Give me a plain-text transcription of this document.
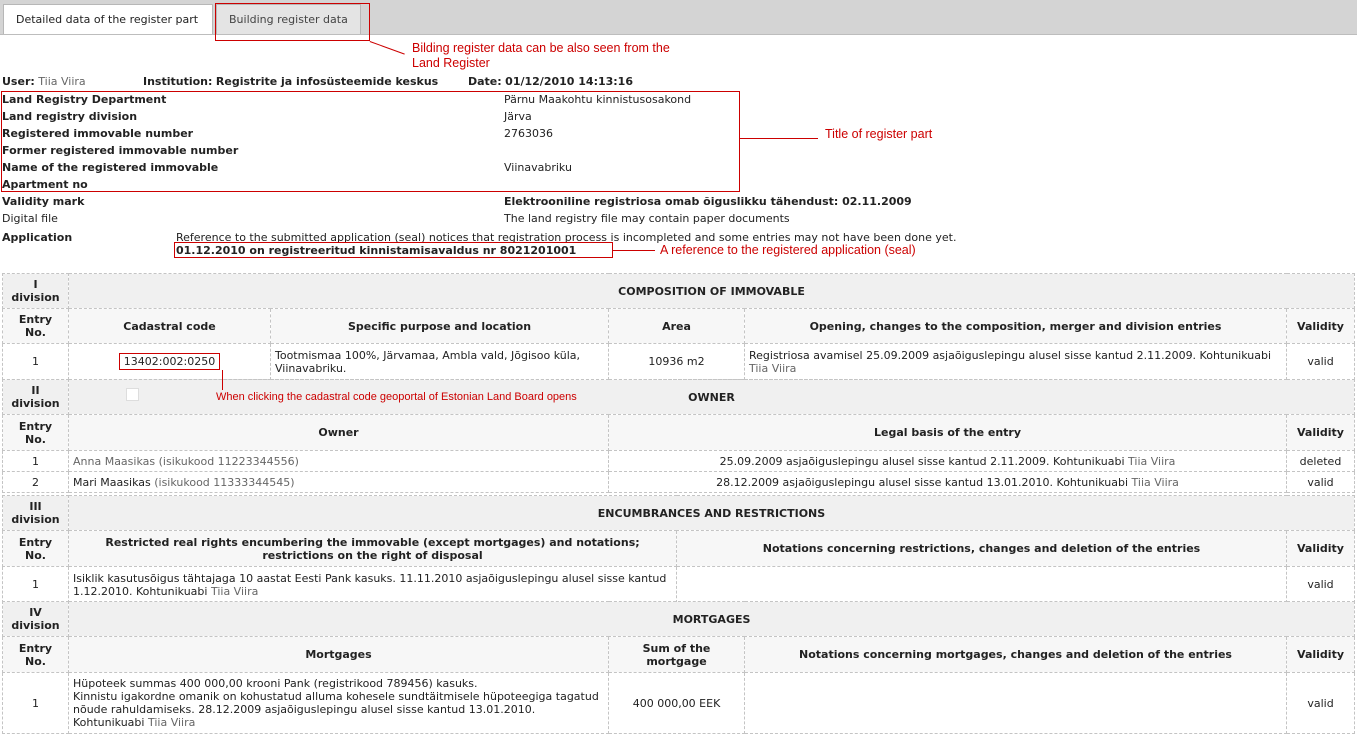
Detailed data of the register part	Building register data
Bilding register data can be also seen from the
Land Register
User: Tiia Viira	Institution: Registrite ja infosüsteemide keskus	Date: 01/12/2010 14:13:16
Title of register part
Land Registry Department	Pärnu Maakohtu kinnistusosakond
Land registry division	Järva
Registered immovable number	2763036
Former registered immovable number
Name of the registered immovable	Viinavabriku
Apartment no
Validity mark	Elektrooniline registriosa omab õiguslikku tähendust: 02.11.2009
Digital file	The land registry file may contain paper documents
Application	Reference to the submitted application (seal) notices that registration process is incompleted and some entries may not have been done yet.
01.12.2010 on registreeritud kinnistamisavaldus nr 8021201001	A reference to the registered application (seal)
I
division	COMPOSITION OF IMMOVABLE				
Entry No.	Cadastral code	Specific purpose and location	Area	Opening, changes to the composition, merger and division entries	Validity
1	13402:002:0250	Tootmismaa 100%, Järvamaa, Ambla vald, Jõgisoo küla, Viinavabriku.	10936 m2	Registriosa avamisel 25.09.2009 asjaõiguslepingu alusel sisse kantud 2.11.2009. Kohtunikuabi Tiia Viira	valid
II
division	OWNER		
Entry No.	Owner	Legal basis of the entry	Validity
1	Anna Maasikas (isikukood 11223344556)	25.09.2009 asjaõiguslepingu alusel sisse kantud 2.11.2009. Kohtunikuabi Tiia Viira	deleted
2	Mari Maasikas (isikukood 11333344545)	28.12.2009 asjaõiguslepingu alusel sisse kantud 13.01.2010. Kohtunikuabi Tiia Viira	valid
When clicking the cadastral code geoportal of Estonian Land Board opens
III
division	ENCUMBRANCES AND RESTRICTIONS		
Entry No.	Restricted real rights encumbering the immovable (except mortgages) and notations; restrictions on the right of disposal	Notations concerning restrictions, changes and deletion of the entries	Validity
1	Isiklik kasutusõigus tähtajaga 10 aastat Eesti Pank kasuks. 11.11.2010 asjaõiguslepingu alusel sisse kantud 1.12.2010. Kohtunikuabi Tiia Viira		valid
IV
division	MORTGAGES			
Entry No.	Mortgages	Sum of the mortgage	Notations concerning mortgages, changes and deletion of the entries	Validity
1	Hüpoteek summas 400 000,00 krooni Pank (registrikood 789456) kasuks.
Kinnistu igakordne omanik on kohustatud alluma kohesele sundtäitmisele hüpoteegiga tagatud nõude rahuldamiseks. 28.12.2009 asjaõiguslepingu alusel sisse kantud 13.01.2010. Kohtunikuabi Tiia Viira	400 000,00 EEK		valid
